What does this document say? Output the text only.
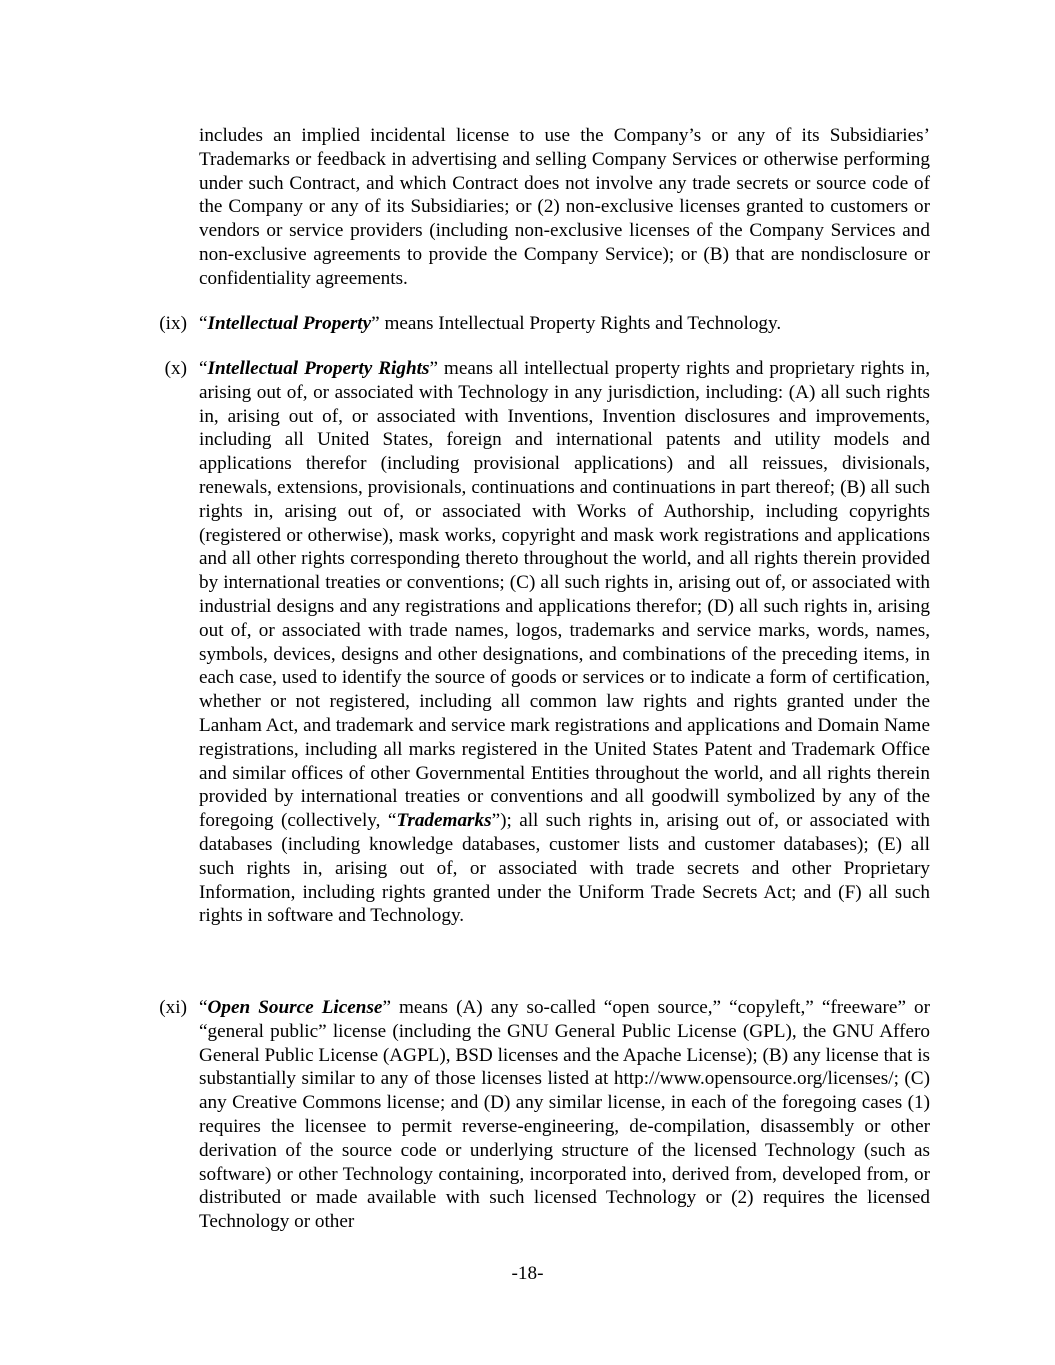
includes an implied incidental license to use the Company’s or any of its Subsidiaries’ Trademarks or feedback in advertising and selling Company Services or otherwise performing under such Contract, and which Contract does not involve any trade secrets or source code of the Company or any of its Subsidiaries; or (2) non-exclusive licenses granted to customers or vendors or service providers (including non-exclusive licenses of the Company Services and non-exclusive agreements to provide the Company Service); or (B) that are nondisclosure or confidentiality agreements.

(ix) “Intellectual Property” means Intellectual Property Rights and Technology.

(x) “Intellectual Property Rights” means all intellectual property rights and proprietary rights in, arising out of, or associated with Technology in any jurisdiction, including: (A) all such rights in, arising out of, or associated with Inventions, Invention disclosures and improvements, including all United States, foreign and international patents and utility models and applications therefor (including provisional applications) and all reissues, divisionals, renewals, extensions, provisionals, continuations and continuations in part thereof; (B) all such rights in, arising out of, or associated with Works of Authorship, including copyrights (registered or otherwise), mask works, copyright and mask work registrations and applications and all other rights corresponding thereto throughout the world, and all rights therein provided by international treaties or conventions; (C) all such rights in, arising out of, or associated with industrial designs and any registrations and applications therefor; (D) all such rights in, arising out of, or associated with trade names, logos, trademarks and service marks, words, names, symbols, devices, designs and other designations, and combinations of the preceding items, in each case, used to identify the source of goods or services or to indicate a form of certification, whether or not registered, including all common law rights and rights granted under the Lanham Act, and trademark and service mark registrations and applications and Domain Name registrations, including all marks registered in the United States Patent and Trademark Office and similar offices of other Governmental Entities throughout the world, and all rights therein provided by international treaties or conventions and all goodwill symbolized by any of the foregoing (collectively, “Trademarks”); all such rights in, arising out of, or associated with databases (including knowledge databases, customer lists and customer databases); (E) all such rights in, arising out of, or associated with trade secrets and other Proprietary Information, including rights granted under the Uniform Trade Secrets Act; and (F) all such rights in software and Technology.

(xi) “Open Source License” means (A) any so-called “open source,” “copyleft,” “freeware” or “general public” license (including the GNU General Public License (GPL), the GNU Affero General Public License (AGPL), BSD licenses and the Apache License); (B) any license that is substantially similar to any of those licenses listed at http://www.opensource.org/licenses/; (C) any Creative Commons license; and (D) any similar license, in each of the foregoing cases (1) requires the licensee to permit reverse-engineering, de-compilation, disassembly or other derivation of the source code or underlying structure of the licensed Technology (such as software) or other Technology containing, incorporated into, derived from, developed from, or distributed or made available with such licensed Technology or (2) requires the licensed Technology or other

-18-
